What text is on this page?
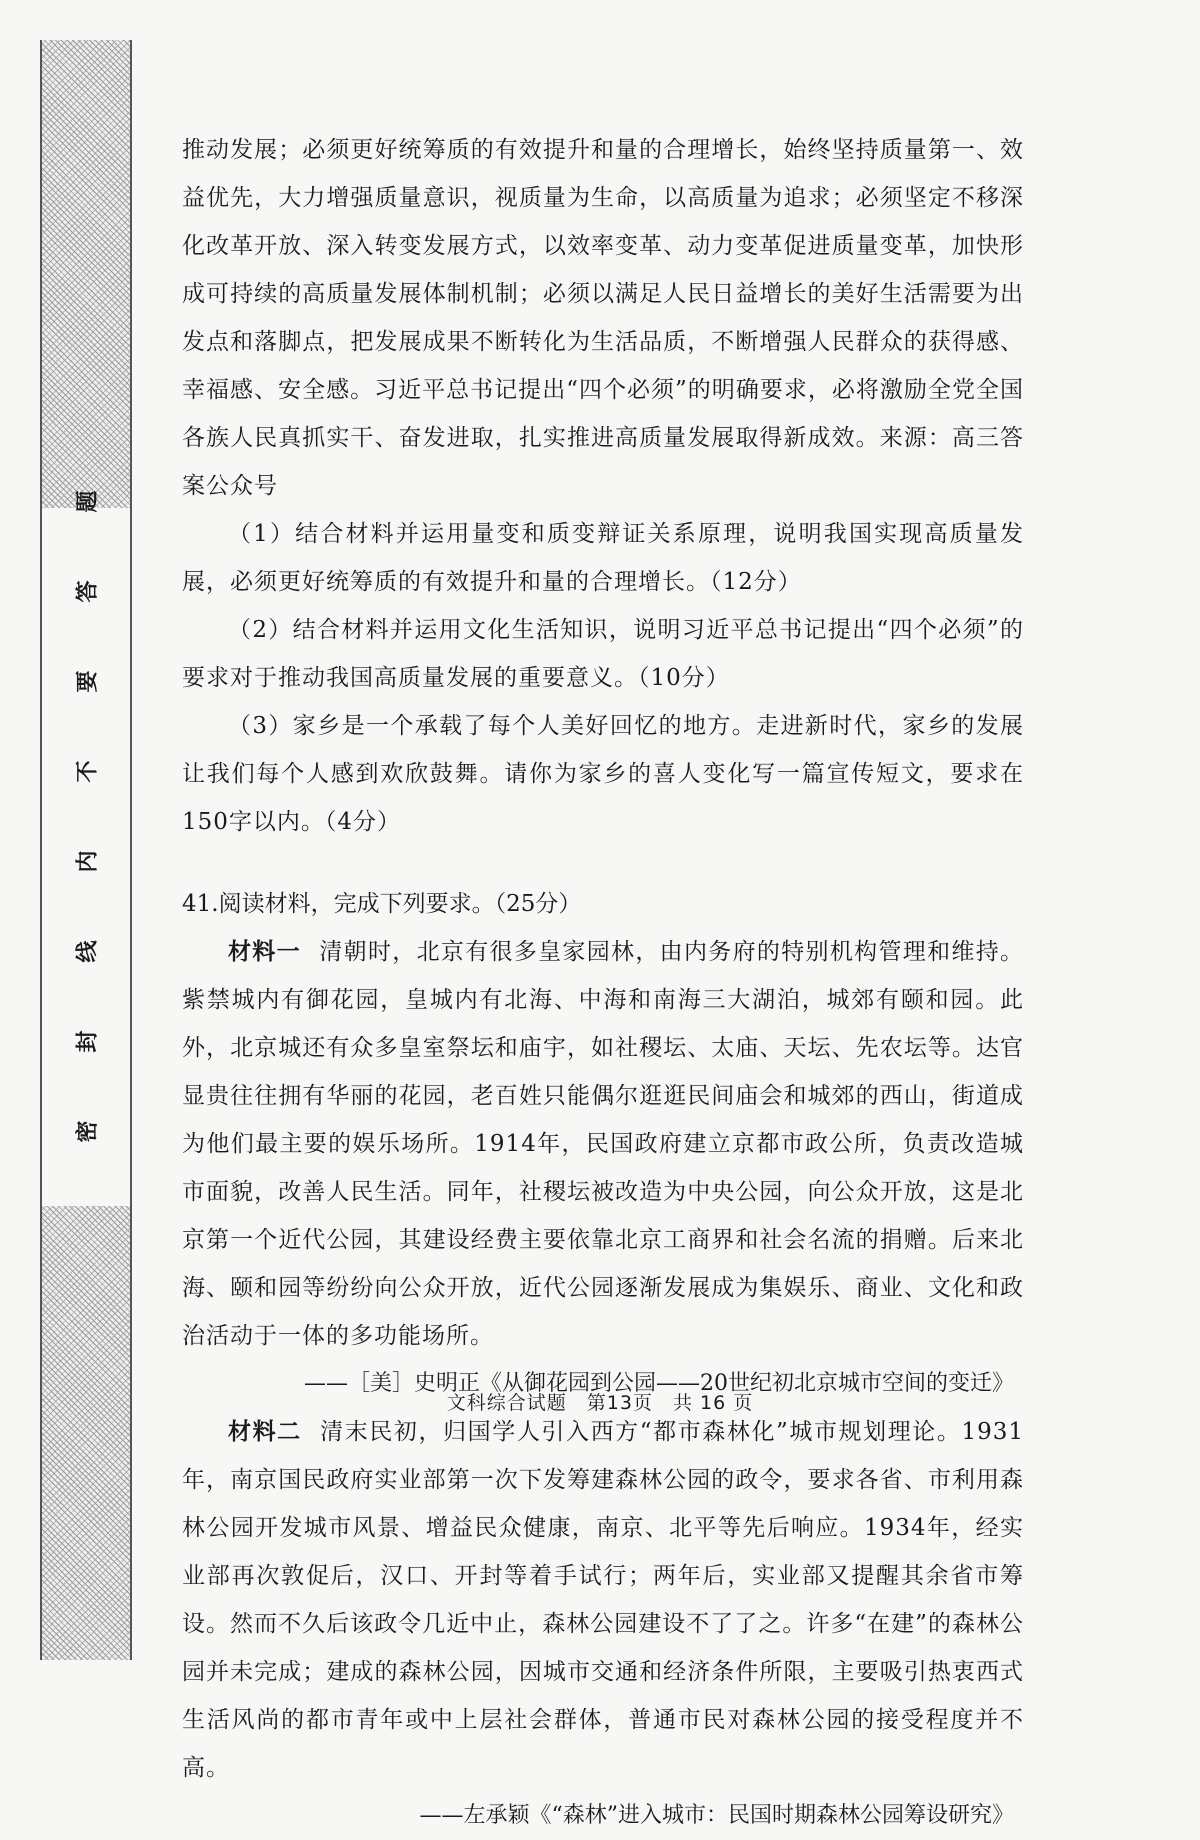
密
封
线
内
不
要
答
题

推动发展；必须更好统筹质的有效提升和量的合理增长，始终坚持质量第一、效益优先，大力增强质量意识，视质量为生命，以高质量为追求；必须坚定不移深化改革开放、深入转变发展方式，以效率变革、动力变革促进质量变革，加快形成可持续的高质量发展体制机制；必须以满足人民日益增长的美好生活需要为出发点和落脚点，把发展成果不断转化为生活品质，不断增强人民群众的获得感、幸福感、安全感。习近平总书记提出“四个必须”的明确要求，必将激励全党全国各族人民真抓实干、奋发进取，扎实推进高质量发展取得新成效。来源：高三答案公众号

（1）结合材料并运用量变和质变辩证关系原理，说明我国实现高质量发展，必须更好统筹质的有效提升和量的合理增长。（12分）

（2）结合材料并运用文化生活知识，说明习近平总书记提出“四个必须”的要求对于推动我国高质量发展的重要意义。（10分）

（3）家乡是一个承载了每个人美好回忆的地方。走进新时代，家乡的发展让我们每个人感到欢欣鼓舞。请你为家乡的喜人变化写一篇宣传短文，要求在150字以内。（4分）

41.阅读材料，完成下列要求。（25分）

材料一 清朝时，北京有很多皇家园林，由内务府的特别机构管理和维持。紫禁城内有御花园，皇城内有北海、中海和南海三大湖泊，城郊有颐和园。此外，北京城还有众多皇室祭坛和庙宇，如社稷坛、太庙、天坛、先农坛等。达官显贵往往拥有华丽的花园，老百姓只能偶尔逛逛民间庙会和城郊的西山，街道成为他们最主要的娱乐场所。1914年，民国政府建立京都市政公所，负责改造城市面貌，改善人民生活。同年，社稷坛被改造为中央公园，向公众开放，这是北京第一个近代公园，其建设经费主要依靠北京工商界和社会名流的捐赠。后来北海、颐和园等纷纷向公众开放，近代公园逐渐发展成为集娱乐、商业、文化和政治活动于一体的多功能场所。

——［美］史明正《从御花园到公园——20世纪初北京城市空间的变迁》

材料二 清末民初，归国学人引入西方“都市森林化”城市规划理论。1931年，南京国民政府实业部第一次下发筹建森林公园的政令，要求各省、市利用森林公园开发城市风景、增益民众健康，南京、北平等先后响应。1934年，经实业部再次敦促后，汉口、开封等着手试行；两年后，实业部又提醒其余省市筹设。然而不久后该政令几近中止，森林公园建设不了了之。许多“在建”的森林公园并未完成；建成的森林公园，因城市交通和经济条件所限，主要吸引热衷西式生活风尚的都市青年或中上层社会群体，普通市民对森林公园的接受程度并不高。

——左承颖《“森林”进入城市：民国时期森林公园筹设研究》

文科综合试题　第13页　共 16 页
